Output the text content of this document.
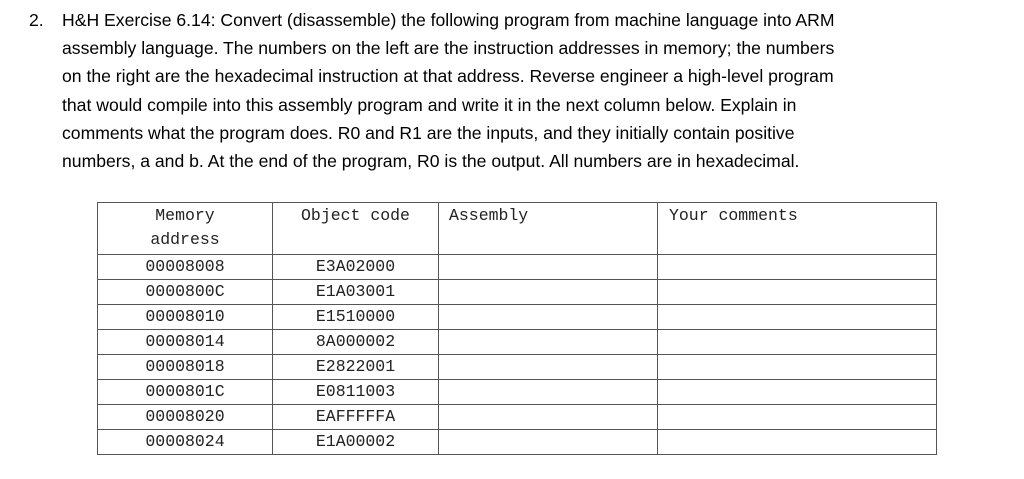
2. H&H Exercise 6.14: Convert (disassemble) the following program from machine language into ARM
assembly language. The numbers on the left are the instruction addresses in memory; the numbers
on the right are the hexadecimal instruction at that address. Reverse engineer a high-level program
that would compile into this assembly program and write it in the next column below. Explain in
comments what the program does. R0 and R1 are the inputs, and they initially contain positive
numbers, a and b. At the end of the program, R0 is the output. All numbers are in hexadecimal.
Memory
address	Object code	Assembly	Your comments
00008008	E3A02000		
0000800C	E1A03001		
00008010	E1510000		
00008014	8A000002		
00008018	E2822001		
0000801C	E0811003		
00008020	EAFFFFFA		
00008024	E1A00002		
